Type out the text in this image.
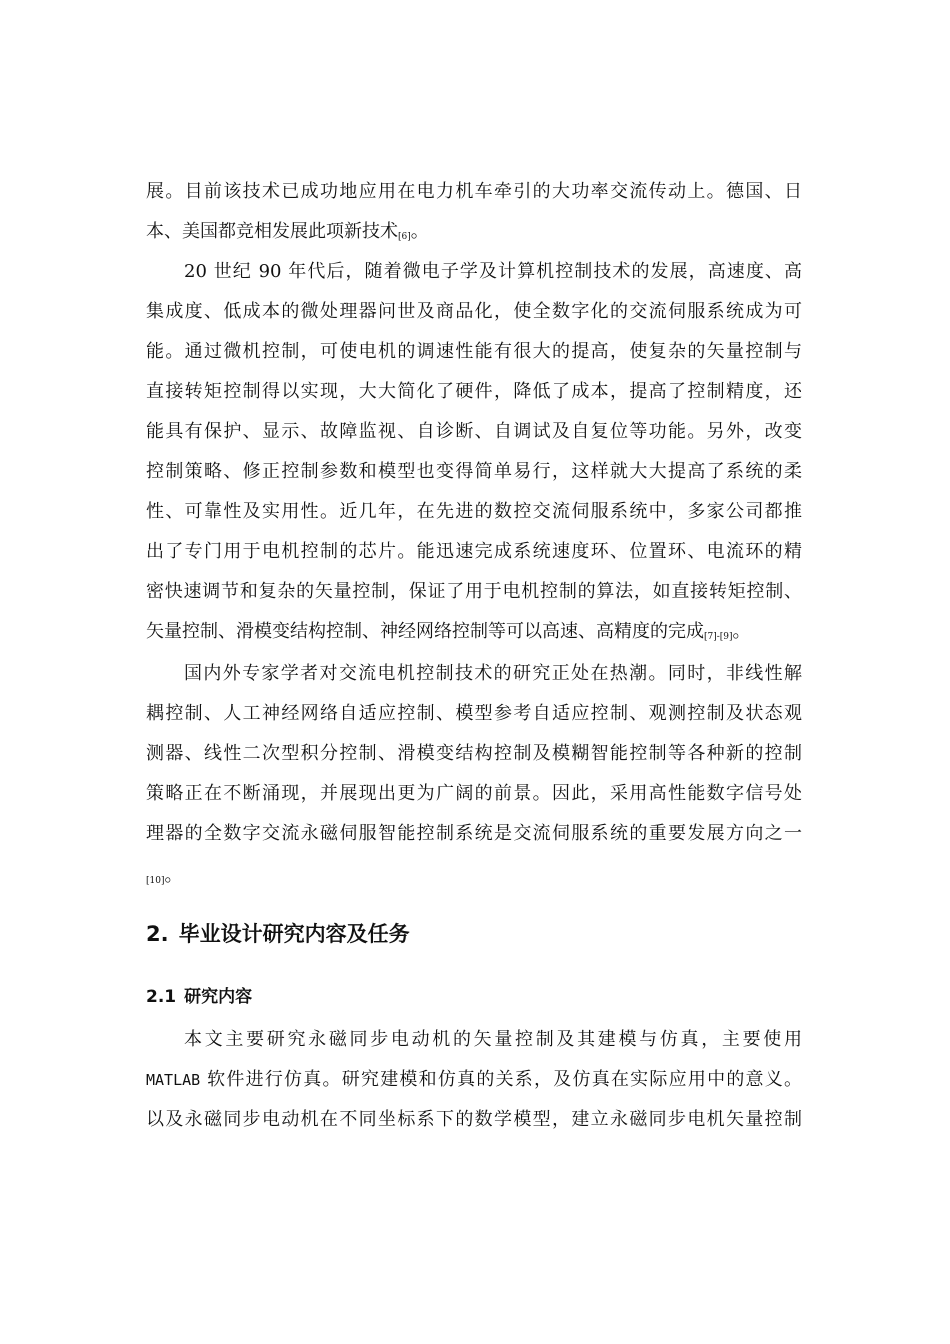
展。目前该技术已成功地应用在电力机车牵引的大功率交流传动上。德国、日
本、美国都竞相发展此项新技术[6]。
20 世纪 90 年代后，随着微电子学及计算机控制技术的发展，高速度、高
集成度、低成本的微处理器问世及商品化，使全数字化的交流伺服系统成为可
能。通过微机控制，可使电机的调速性能有很大的提高，使复杂的矢量控制与
直接转矩控制得以实现，大大简化了硬件，降低了成本，提高了控制精度，还
能具有保护、显示、故障监视、自诊断、自调试及自复位等功能。另外，改变
控制策略、修正控制参数和模型也变得简单易行，这样就大大提高了系统的柔
性、可靠性及实用性。近几年，在先进的数控交流伺服系统中，多家公司都推
出了专门用于电机控制的芯片。能迅速完成系统速度环、位置环、电流环的精
密快速调节和复杂的矢量控制，保证了用于电机控制的算法，如直接转矩控制、
矢量控制、滑模变结构控制、神经网络控制等可以高速、高精度的完成[7]-[9]。
国内外专家学者对交流电机控制技术的研究正处在热潮。同时，非线性解
耦控制、人工神经网络自适应控制、模型参考自适应控制、观测控制及状态观
测器、线性二次型积分控制、滑模变结构控制及模糊智能控制等各种新的控制
策略正在不断涌现，并展现出更为广阔的前景。因此，采用高性能数字信号处
理器的全数字交流永磁伺服智能控制系统是交流伺服系统的重要发展方向之一
[10]。
2. 毕业设计研究内容及任务
2.1 研究内容
本文主要研究永磁同步电动机的矢量控制及其建模与仿真，主要使用
MATLAB 软件进行仿真。研究建模和仿真的关系，及仿真在实际应用中的意义。
以及永磁同步电动机在不同坐标系下的数学模型，建立永磁同步电机矢量控制
